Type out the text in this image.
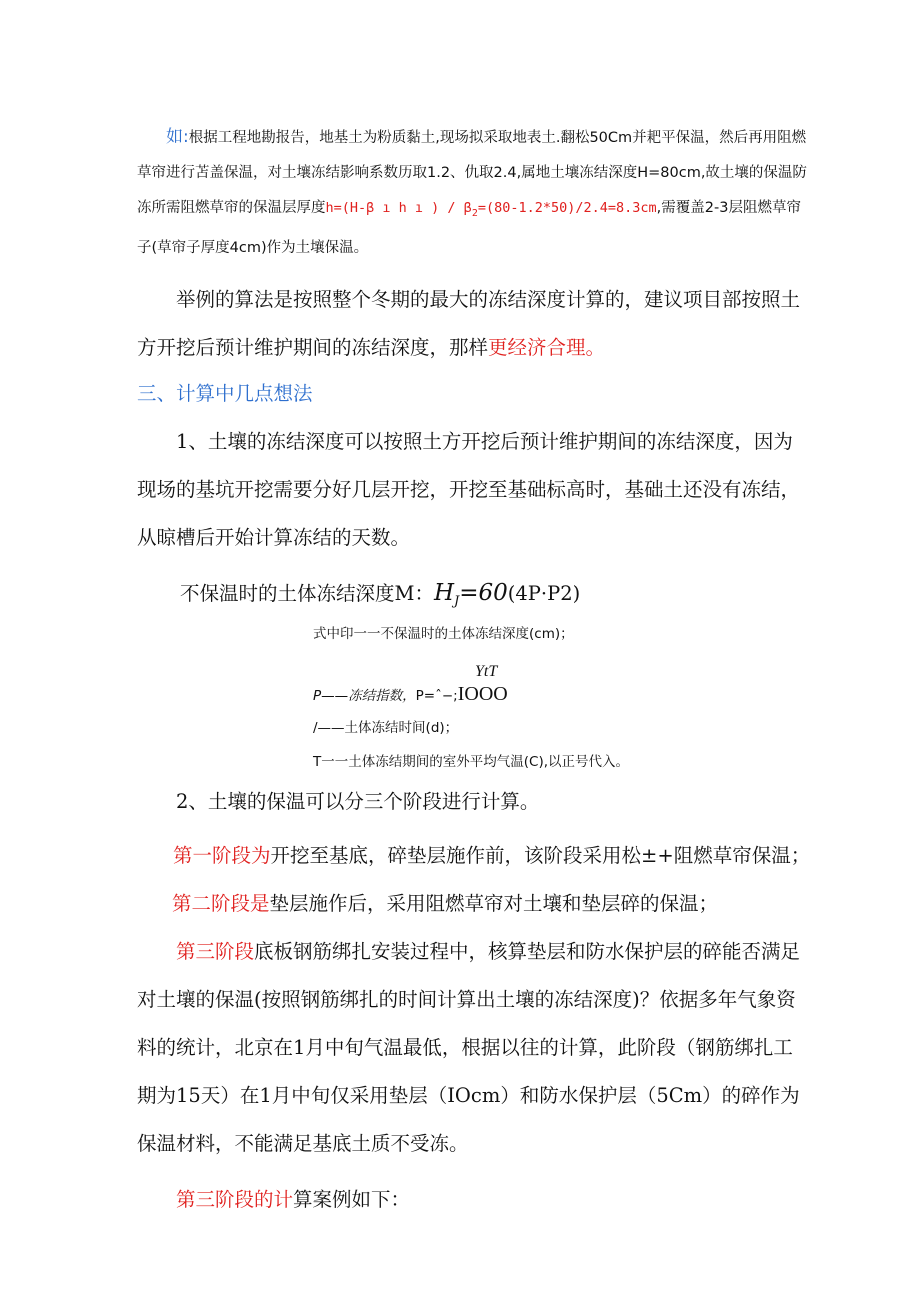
如:根据工程地勘报告，地基土为粉质黏土,现场拟采取地表土.翻松50Cm并耙平保温，然后再用阻燃草帘进行苫盖保温，对土壤冻结影响系数历取1.2、仇取2.4,属地土壤冻结深度H=80cm,故土壤的保温防冻所需阻燃草帘的保温层厚度h=(H-β ı h ı ) / $\beta_2=(80-1.2*50)/2.4=8.3cm$,需覆盖2-3层阻燃草帘子(草帘子厚度4cm)作为土壤保温。

举例的算法是按照整个冬期的最大的冻结深度计算的，建议项目部按照土方开挖后预计维护期间的冻结深度，那样更经济合理。

三、计算中几点想法

1、土壤的冻结深度可以按照土方开挖后预计维护期间的冻结深度，因为现场的基坑开挖需要分好几层开挖，开挖至基础标高时，基础土还没有冻结，从晾槽后开始计算冻结的天数。

不保温时的土体冻结深度M：$H_J=60(4P\cdot P2)$
式中印一一不保温时的土体冻结深度(cm)；
YtT
P——冻结指数，P=ˆ−;IOOO
/——土体冻结时间(d)；
T一一土体冻结期间的室外平均气温(C),以正号代入。

2、土壤的保温可以分三个阶段进行计算。

第一阶段为开挖至基底，碎垫层施作前，该阶段采用松±+阻燃草帘保温；

第二阶段是垫层施作后，采用阻燃草帘对土壤和垫层碎的保温；

第三阶段底板钢筋绑扎安装过程中，核算垫层和防水保护层的碎能否满足对土壤的保温(按照钢筋绑扎的时间计算出土壤的冻结深度)？依据多年气象资料的统计，北京在1月中旬气温最低，根据以往的计算，此阶段（钢筋绑扎工期为15天）在1月中旬仅采用垫层（IOcm）和防水保护层（5Cm）的碎作为保温材料，不能满足基底土质不受冻。

第三阶段的计算案例如下：
